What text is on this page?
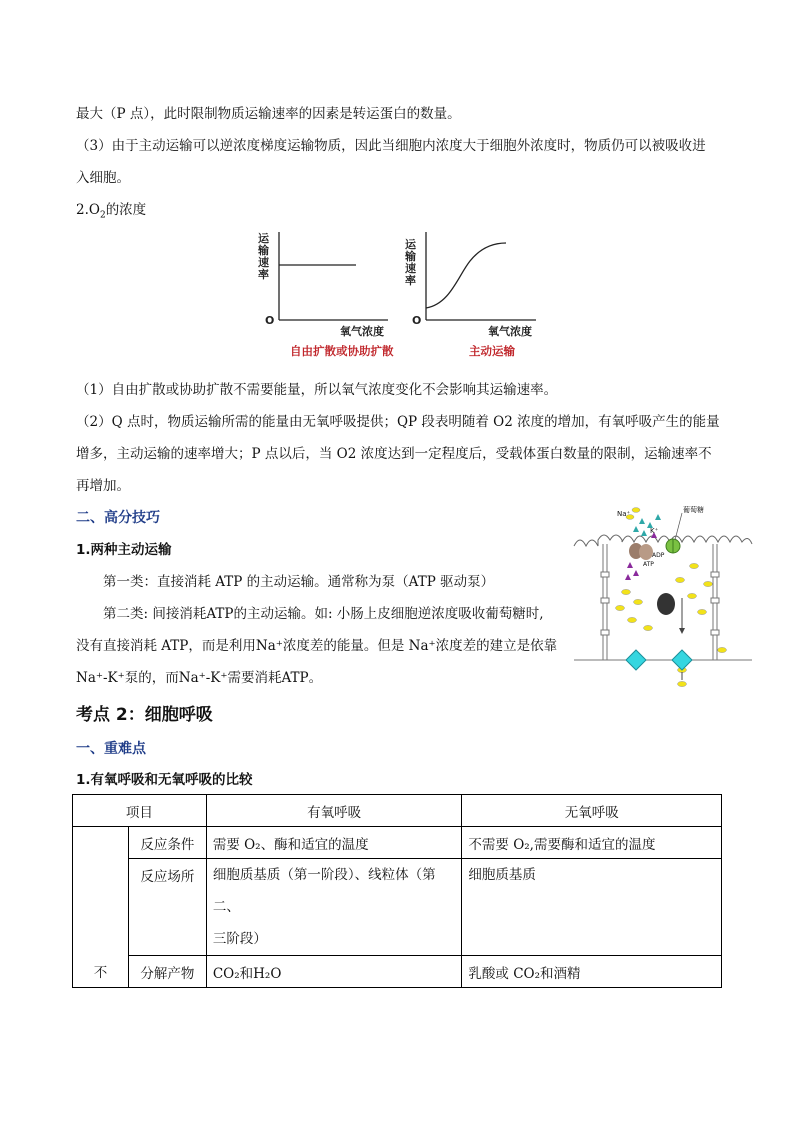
最大（P 点），此时限制物质运输速率的因素是转运蛋白的数量。
（3）由于主动运输可以逆浓度梯度运输物质，因此当细胞内浓度大于细胞外浓度时，物质仍可以被吸收进
入细胞。
$2.O_2$的浓度
运
输
速
率
运
输
速
率
O	O
氧气浓度	氧气浓度
自由扩散或协助扩散	主动运输
（1）自由扩散或协助扩散不需要能量，所以氧气浓度变化不会影响其运输速率。
（2）Q 点时，物质运输所需的能量由无氧呼吸提供；QP 段表明随着 O2 浓度的增加，有氧呼吸产生的能量
增多，主动运输的速率增大；P 点以后，当 O2 浓度达到一定程度后，受载体蛋白数量的限制，运输速率不
再增加。
二、高分技巧
1.两种主动运输
第一类：直接消耗 ATP 的主动运输。通常称为泵（ATP 驱动泵）
第二类: 间接消耗ATP的主动运输。如: 小肠上皮细胞逆浓度吸收葡萄糖时,
没有直接消耗 ATP，而是利用Na⁺浓度差的能量。但是 Na⁺浓度差的建立是依靠
Na⁺-K⁺泵的，而Na⁺-K⁺需要消耗ATP。
Na⁺
K⁺
葡萄糖
ADP
ATP
考点 2：细胞呼吸
一、重难点
1.有氧呼吸和无氧呼吸的比较
项目		有氧呼吸	无氧呼吸
不	反应条件	需要 O₂、酶和适宜的温度	不需要 O₂,需要酶和适宜的温度
	反应场所	细胞质基质（第一阶段）、线粒体（第二、
三阶段）	细胞质基质
	分解产物	CO₂和H₂O	乳酸或 CO₂和酒精
